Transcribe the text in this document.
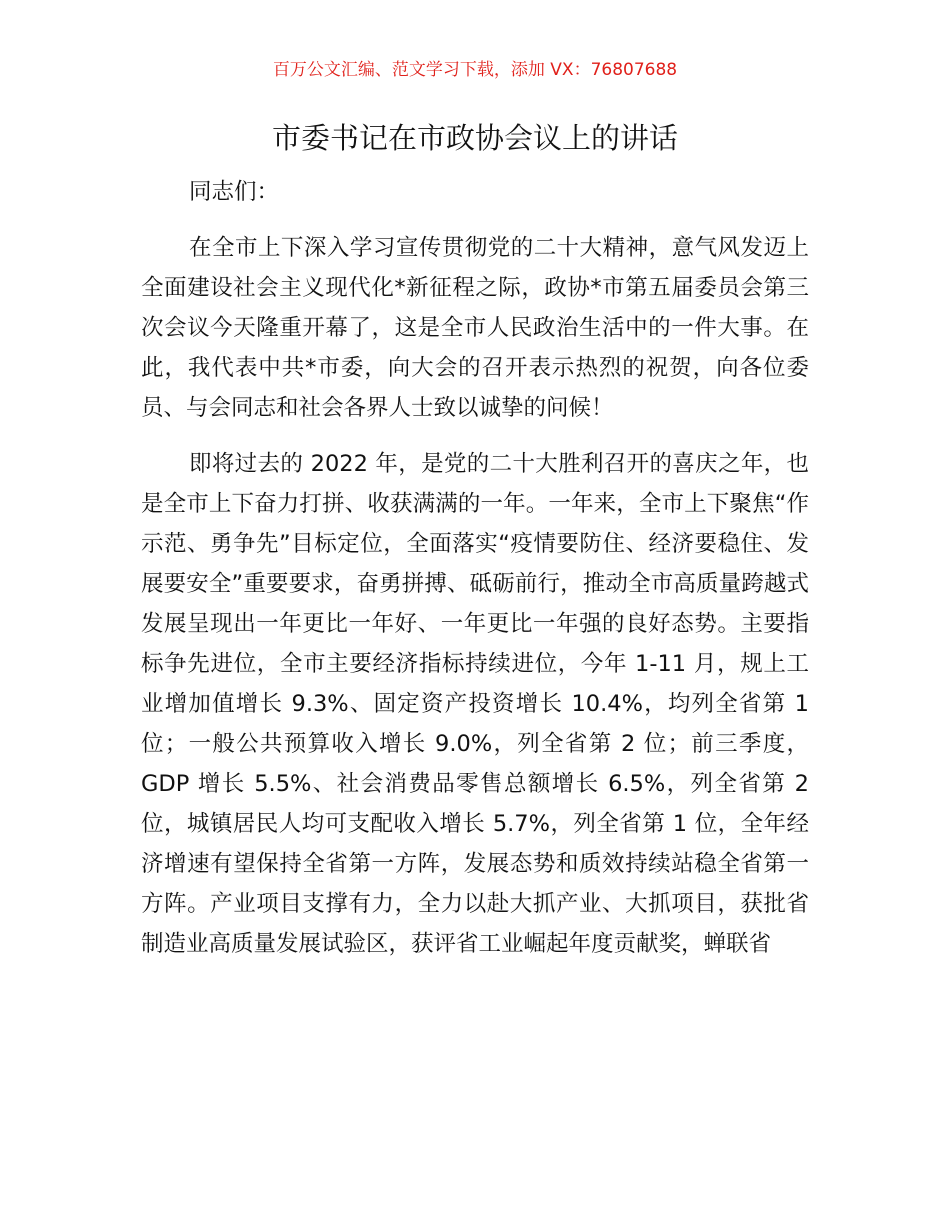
百万公文汇编、范文学习下载，添加 VX：76807688
市委书记在市政协会议上的讲话

同志们：

在全市上下深入学习宣传贯彻党的二十大精神，意气风发迈上全面建设社会主义现代化*新征程之际，政协*市第五届委员会第三次会议今天隆重开幕了，这是全市人民政治生活中的一件大事。在此，我代表中共*市委，向大会的召开表示热烈的祝贺，向各位委员、与会同志和社会各界人士致以诚挚的问候！

即将过去的 2022 年，是党的二十大胜利召开的喜庆之年，也是全市上下奋力打拼、收获满满的一年。一年来，全市上下聚焦“作示范、勇争先”目标定位，全面落实“疫情要防住、经济要稳住、发展要安全”重要要求，奋勇拼搏、砥砺前行，推动全市高质量跨越式发展呈现出一年更比一年好、一年更比一年强的良好态势。主要指标争先进位，全市主要经济指标持续进位，今年 1-11 月，规上工业增加值增长 9.3%、固定资产投资增长 10.4%，均列全省第 1 位；一般公共预算收入增长 9.0%，列全省第 2 位；前三季度，GDP 增长 5.5%、社会消费品零售总额增长 6.5%，列全省第 2 位，城镇居民人均可支配收入增长 5.7%，列全省第 1 位，全年经济增速有望保持全省第一方阵，发展态势和质效持续站稳全省第一方阵。产业项目支撑有力，全力以赴大抓产业、大抓项目，获批省制造业高质量发展试验区，获评省工业崛起年度贡献奖，蝉联省
